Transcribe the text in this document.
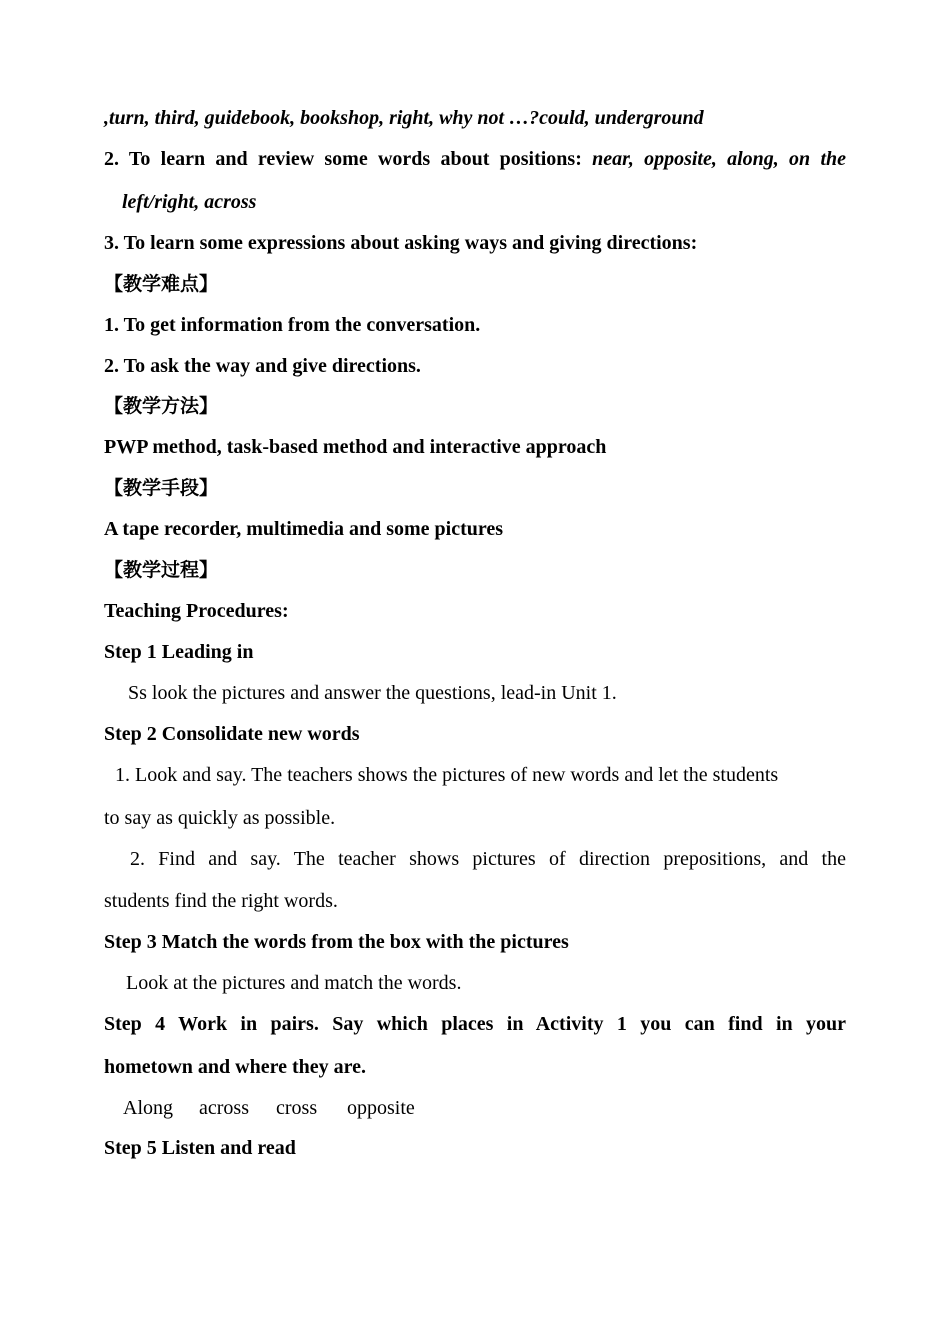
,turn, third, guidebook, bookshop, right, why not …?could, underground
2. To learn and review some words about positions: near, opposite, along, on the
left/right, across
3. To learn some expressions about asking ways and giving directions:
【教学难点】
1. To get information from the conversation.
2. To ask the way and give directions.
【教学方法】
PWP method, task-based method and interactive approach
【教学手段】
A tape recorder, multimedia and some pictures
【教学过程】
Teaching Procedures:
Step 1 Leading in
Ss look the pictures and answer the questions, lead-in Unit 1.
Step 2 Consolidate new words
1. Look and say. The teachers shows the pictures of new words and let the students
to say as quickly as possible.
2. Find and say. The teacher shows pictures of direction prepositions, and the
students find the right words.
Step 3 Match the words from the box with the pictures
Look at the pictures and match the words.
Step 4 Work in pairs. Say which places in Activity 1 you can find in your
hometown and where they are.
Along across cross opposite
Step 5 Listen and read
